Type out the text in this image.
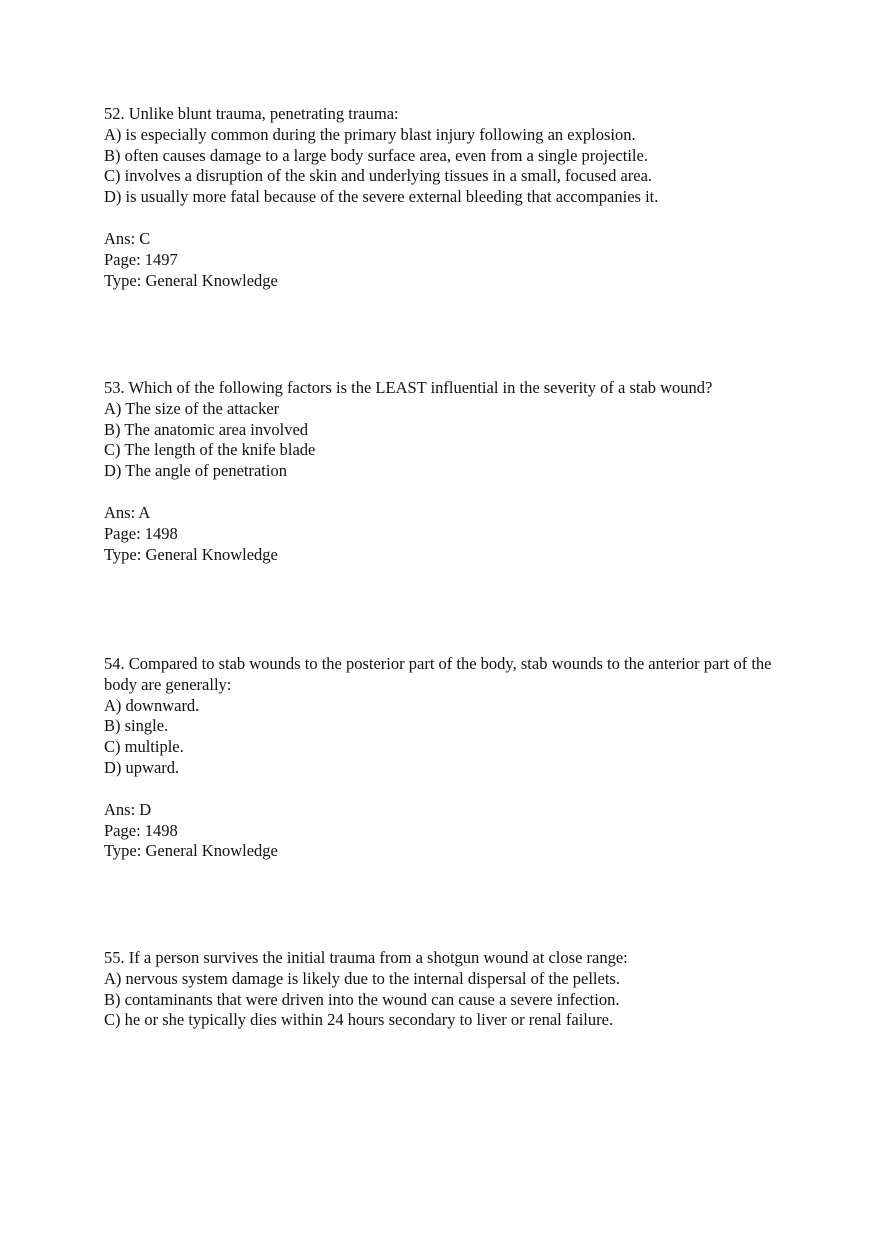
52. Unlike blunt trauma, penetrating trauma:

A) is especially common during the primary blast injury following an explosion.

B) often causes damage to a large body surface area, even from a single projectile.

C) involves a disruption of the skin and underlying tissues in a small, focused area.

D) is usually more fatal because of the severe external bleeding that accompanies it.

Ans: C

Page: 1497

Type: General Knowledge

53. Which of the following factors is the LEAST influential in the severity of a stab wound?

A) The size of the attacker

B) The anatomic area involved

C) The length of the knife blade

D) The angle of penetration

Ans: A

Page: 1498

Type: General Knowledge

54. Compared to stab wounds to the posterior part of the body, stab wounds to the anterior part of the body are generally:

A) downward.

B) single.

C) multiple.

D) upward.

Ans: D

Page: 1498

Type: General Knowledge

55. If a person survives the initial trauma from a shotgun wound at close range:

A) nervous system damage is likely due to the internal dispersal of the pellets.

B) contaminants that were driven into the wound can cause a severe infection.

C) he or she typically dies within 24 hours secondary to liver or renal failure.
